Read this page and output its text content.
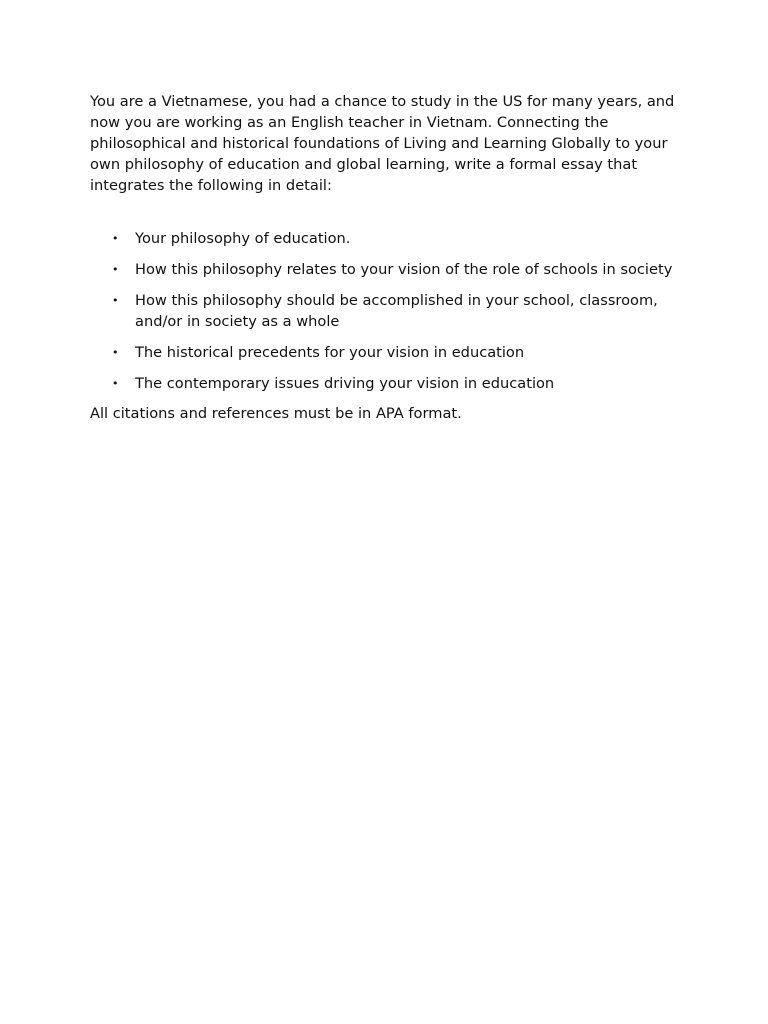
You are a Vietnamese, you had a chance to study in the US for many years, and now you are working as an English teacher in Vietnam. Connecting the philosophical and historical foundations of Living and Learning Globally to your own philosophy of education and global learning, write a formal essay that integrates the following in detail:

• Your philosophy of education.
• How this philosophy relates to your vision of the role of schools in society
• How this philosophy should be accomplished in your school, classroom, and/or in society as a whole
• The historical precedents for your vision in education
• The contemporary issues driving your vision in education

All citations and references must be in APA format.
